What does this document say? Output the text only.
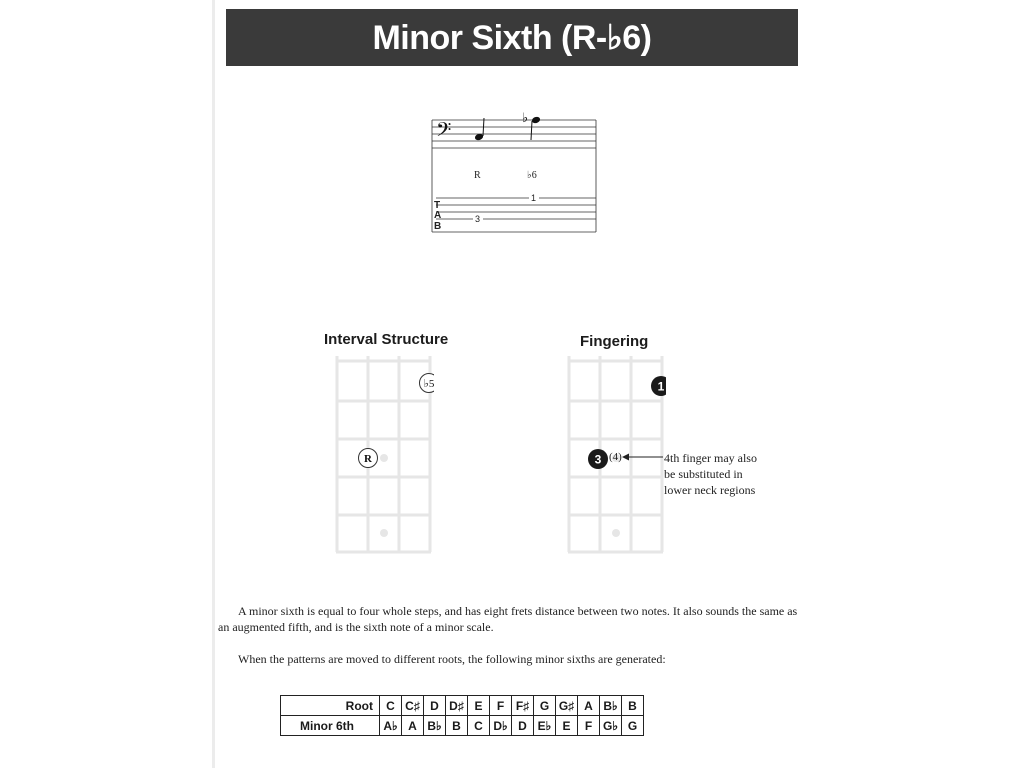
Minor Sixth (R-♭6)
𝄢	♭
R	♭6
T
A
B
1
3
Interval Structure
♭5
R
Fingering
1
3 (4)	4th finger may also
be substituted in
lower neck regions
A minor sixth is equal to four whole steps, and has eight frets distance between two notes. It also sounds the same as an augmented fifth, and is the sixth note of a minor scale.
When the patterns are moved to different roots, the following minor sixths are generated:
Root	C	C♯	D	D♯	E	F	F♯	G	G♯	A	B♭	B
Minor 6th	A♭	A	B♭	B	C	D♭	D	E♭	E	F	G♭	G
